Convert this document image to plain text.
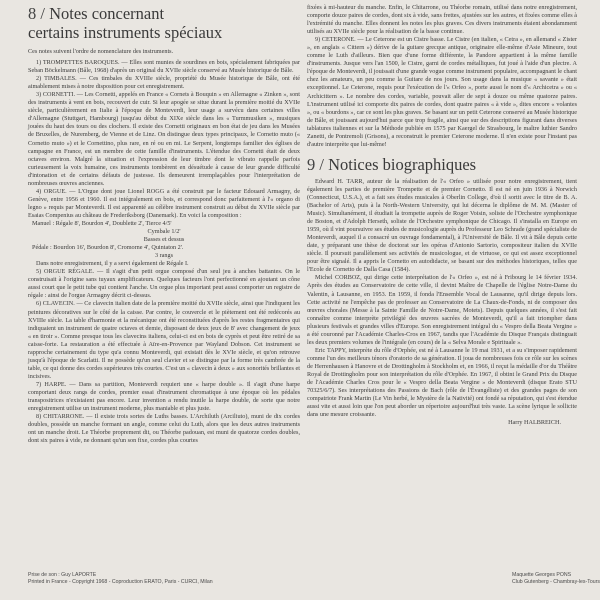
8 / Notes concernant
certains instruments spéciaux

Ces notes suivent l'ordre de nomenclature des instruments.

1) TROMPETTES BAROQUES. — Elles sont munies de sourdines en bois, spécialement fabriquées par Seban Böckelmann (Bâle, 1968) d'après un original du XVIIe siècle conservé au Musée historique de Bâle.

2) TIMBALES. — Ces timbales du XVIIIe siècle, propriété du Musée historique de Bâle, ont été aimablement mises à notre disposition pour cet enregistrement.

3) CORNETTI. — Les Cornetti, appelés en France « Cornets à Bouquin » en Allemagne « Zinken », sont des instruments à vent en bois, recouvert de cuir. Si leur apogée se situe durant la première moitié du XVIIe siècle, particulièrement en Italie à l'époque de Monteverdi, leur usage a survécu dans certaines villes d'Allemagne (Stuttgart, Hambourg) jusqu'au début du XIXe siècle dans les « Turmmusiken », musiques jouées du haut des tours ou des clochers. Il existe des Cornetti originaux en bon état de jeu dans les Musées de Bruxelles, de Nuremberg, de Vienne et de Linz. On distingue deux types principaux, le Cornetto muto (« Cornetto muto ») et le Cornettino, plus rare, en ré ou en mi. Le Serpent, longtemps familier des églises de campagne en France, est un membre de cette famille d'instruments. L'étendue des Cornetti était de deux octaves environ. Malgré la situation et l'expression de leur timbre dont le vibrato rappelle parfois curieusement la voix humaine, ces instruments tombèrent en désuétude à cause de leur grande difficulté d'intonation et de certains défauts de justesse. Ils demeurent irremplaçables pour l'interprétation de nombreuses œuvres anciennes.

4) ORGUE. — L'Orgue dont joue Lionel ROGG a été construit par le facteur Edouard Armagny, de Genève, entre 1956 et 1960. Il est intégralement en bois, et correspond donc parfaitement à l'« organo di legno » requis par Monteverdi. Il est apparenté au célèbre instrument construit au début du XVIIe siècle par Esaias Compenius au château de Frederiksborg (Danemark). En voici la composition :

Manuel : Régale 8', Bourdon 4', Doublette 2', Tierce 4/5'

Cymbale 1/2'

Basses et dessus

Pédale : Bourdon 16', Bourdon 8', Cromorne 4', Quintaton 2'.

3 rangs

Dans notre enregistrement, il y a servi également de Régale I.

5) ORGUE RÉGALE. — Il s'agit d'un petit orgue composé d'un seul jeu à anches battantes. On le construisait à l'origine sans tuyaux amplificateurs. Quelques facteurs l'ont perfectionné en ajoutant un cône aussi court que le petit tube qui contient l'anche. Un orgue plus important peut aussi comporter un registre de régale : ainsi de l'orgue Armagny décrit ci-dessus.

6) CLAVECIN. — Ce clavecin italien date de la première moitié du XVIIe siècle, ainsi que l'indiquent les peintures décoratives sur le côté de la caisse. Par contre, le couvercle et le piètement ont été redécorés au XVIIIe siècle. La table d'harmonie et la mécanique ont été reconstituées d'après les restes fragmentaires qui indiquaient un instrument de quatre octaves et demie, disposant de deux jeux de 8' avec changement de jeux « en tiroir ». Comme presque tous les clavecins italiens, celui-ci est en bois de cyprès et peut être retiré de sa caisse-forte. La restauration a été effectuée à Aïre-en-Provence par Wayland Dobson. Cet instrument se rapproche certainement du type qu'a connu Monteverdi, qui existait dès le XVIe siècle, et qu'on retrouve jusqu'à l'époque de Scarlatti. Il ne possède qu'un seul clavier et se distingue par la forme très cambrée de la table, ce qui donne des cordes supérieures très courtes. C'est un « clavecin à deux » aux sonorités brillantes et incisives.

7) HARPE. — Dans sa partition, Monteverdi requiert une « harpe double ». Il s'agit d'une harpe comportant deux rangs de cordes, premier essai d'instrument chromatique à une époque où les pédales transpositrices n'existaient pas encore. Leur invention a rendu inutile la harpe double, de sorte que notre enregistrement utilise un instrument moderne, plus maniable et plus juste.

8) CHITARRONE. — Il existe trois sortes de Luths basses. L'Archiluth (Arciliuto), muni de dix cordes doubles, possède un manche formant un angle, comme celui du Luth, alors que les deux autres instruments ont un manche droit. Le Théorbe proprement dit, ou Théorbe padouan, est muni de quatorze cordes doubles, dont six paires à vide, ne donnant qu'un son fixe, cordes plus courtes

fixées à mi-hauteur du manche. Enfin, le Chitarrone, ou Théorbe romain, utilisé dans notre enregistrement, comporte douze paires de cordes, dont six à vide, sans frettes, ajustées sur les autres, et fixées comme elles à l'extrémité du manche. Elles donnent les notes les plus graves. Ces divers instruments étaient abondamment utilisés au XVIIe siècle pour la réalisation de la basse continue.

9) CETERONE. — Le Ceterone est un Cistre basse. Le Cistre (en italien, « Cetra », en allemand « Zister », en anglais « Cittern ») dérive de la guitare grecque antique, originaire elle-même d'Asie Mineure, tout comme le Luth d'ailleurs. Bien que d'une forme différente, la Pandore appartient à la même famille d'instruments. Jusque vers l'an 1500, le Cistre, garni de cordes métalliques, fut joué à l'aide d'un plectre. A l'époque de Monteverdi, il jouissait d'une grande vogue comme instrument populaire, accompagnant le chant chez les amateurs, un peu comme la Guitare de nos jours. Son usage dans la musique « savante » était exceptionnel. Le Ceterone, requis pour l'exécution de l'« Orfeo », porte aussi le nom d'« Archicetra » ou « Archicittern ». Le nombre des cordes, variable, pouvait aller de sept à douze ou même quatorze paires. L'instrument utilisé ici comporte dix paires de cordes, dont quatre paires « à vide », dites encore « volantes », ou « bourdons », car ce sont les plus graves. Se basant sur un petit Ceterone conservé au Musée historique de Bâle, et jouissant aujourd'hui parce que trop fragile, ainsi que sur des descriptions figurant dans diverses tablatures italiennes et sur la Méthode publiée en 1575 par Kaergel de Strasbourg, le maître luthier Sandro Zanetti, de Pontremoli (Grisons), a reconstruit le premier Ceterone moderne. Il n'en existe pour l'instant pas d'autre interprète que lui-même!

9 / Notices biographiques

Edward H. TARR, auteur de la réalisation de l'« Orfeo » utilisée pour notre enregistrement, tient également les parties de première Trompette et de premier Cornetto. Il est né en juin 1936 à Norwich (Connecticut, U.S.A.), et a fait ses études musicales à Oberlin College, d'où il sortit avec le titre de B. A. (Bachelor of Arts), puis à la North-Western University, qui lui décerna le diplôme de M. M. (Master of Music). Simultanément, il étudiait la trompette auprès de Roger Voisin, soliste de l'Orchestre symphonique de Boston, et d'Adolph Herseth, soliste de l'Orchestre symphonique de Chicago. Il s'installa en Europe en 1959, où il vint poursuivre ses études de musicologie auprès du Professeur Leo Schrade (grand spécialiste de Monteverdi, auquel il a consacré un ouvrage fondamental), à l'Université de Bâle. Il vit à Bâle depuis cette date, y préparant une thèse de doctorat sur les opéras d'Antonio Sartorio, compositeur italien du XVIIe siècle. Il poursuit parallèlement ses activités de musicologue, et de virtuose, ce qui est assez exceptionnel pour être signalé. Il a appris le Cornetto en autodidacte, se basant sur des méthodes historiques, telles que l'Ecole de Cornetto de Dalla Casa (1584).

Michel CORBOZ, qui dirige cette interprétation de l'« Orfeo », est né à Fribourg le 14 février 1934. Après des études au Conservatoire de cette ville, il devint Maître de Chapelle de l'église Notre-Dame du Valentin, à Lausanne, en 1953. En 1959, il fonda l'Ensemble Vocal de Lausanne, qu'il dirige depuis lors. Cette activité ne l'empêche pas de professer au Conservatoire de La Chaux-de-Fonds, ni de composer des œuvres chorales (Messe à la Sainte Famille de Notre-Dame, Motets). Depuis quelques années, il s'est fait connaître comme interprète privilégié des œuvres sacrées de Monteverdi, qu'il a fait triompher dans plusieurs festivals et grandes villes d'Europe. Son enregistrement intégral du « Vespro della Beata Vergine » a été couronné par l'Académie Charles-Cros en 1967, tandis que l'Académie du Disque Français distinguait les deux premiers volumes de l'intégrale (en cours) de la « Selva Morale e Spirituale ».

Eric TAPPY, interprète du rôle d'Orphée, est né à Lausanne le 19 mai 1931, et a su s'imposer rapidement comme l'un des meilleurs ténors d'oratorio de sa génération. Il joua de nombreuses fois ce rôle sur les scènes de Herrenhausen à Hanovre et de Drottingholm à Stockholm et, en 1966, il reçut la médaille d'or du Théâtre Royal de Drottingholm pour son interprétation du rôle d'Orphée. En 1967, il obtint le Grand Prix du Disque de l'Académie Charles Cros pour le « Vespro della Beata Vergine » de Monteverdi (disque Erato STU 70325/6/7). Ses interprétations des Passions de Bach (rôle de l'Évangéliste) et des grandes pages de son compatriote Frank Martin (Le Vin herbé, le Mystère de la Nativité) ont fondé sa réputation, qui s'est étendue aussi vite et aussi loin que l'on peut aborder un répertoire aujourd'hui très vaste. La scène lyrique le sollicite dans une mesure croissante.

Harry HALBREICH.

Prise de son : Guy LAPORTE
Printed in France - Copyright 1968 - Coproduction ERATO, Paris - CURCI, Milan
Maquette Georges PONS
Club Gutenberg - Chambray-les-Tours
